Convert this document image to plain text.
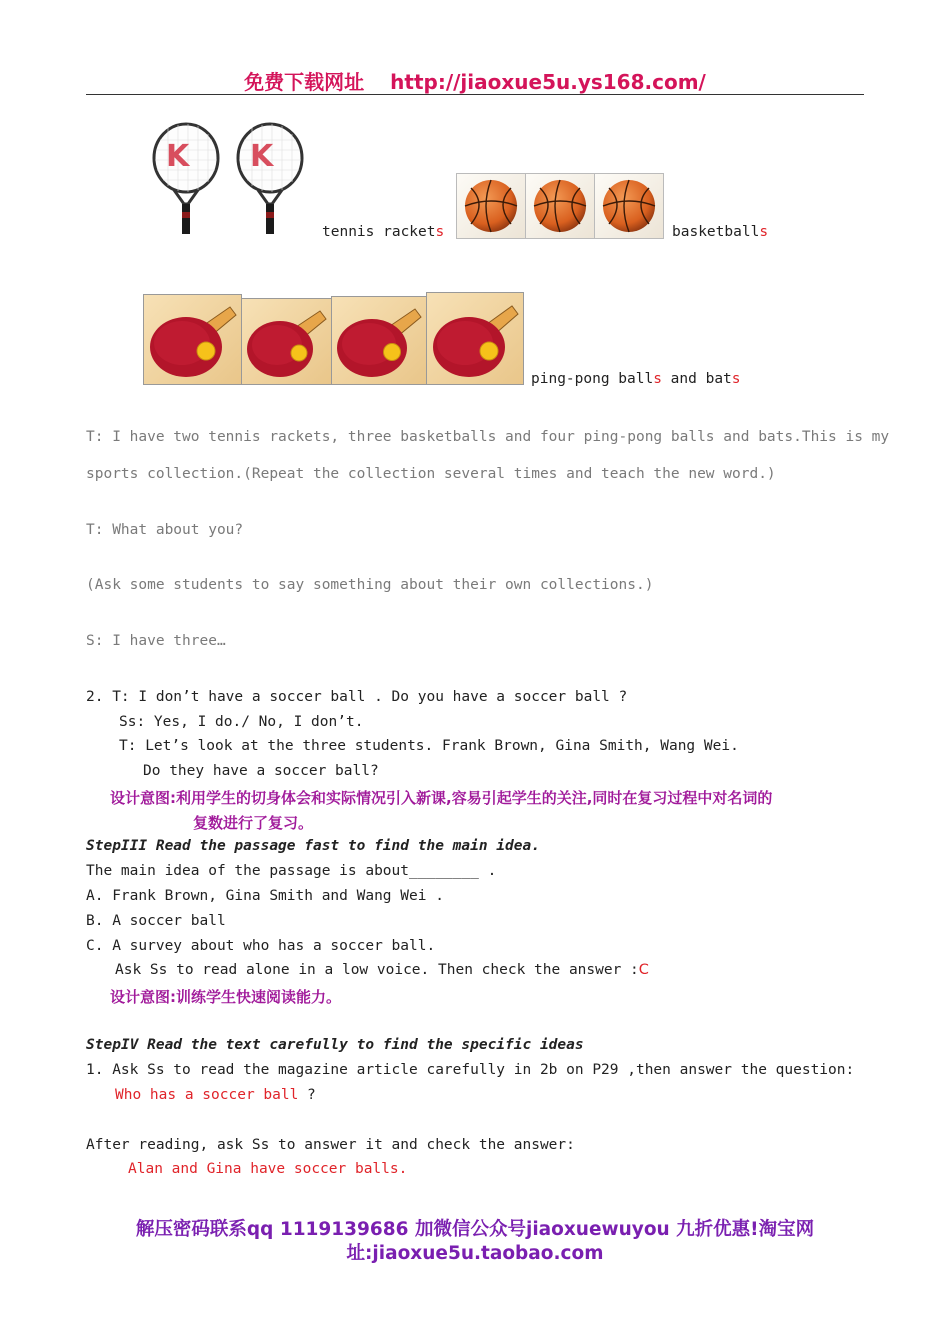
免费下载网址 http://jiaoxue5u.ys168.com/
K K
tennis rackets	basketballs
ping-pong balls and bats
T: I have two tennis rackets, three basketballs and four ping-pong balls and bats.This is my
sports collection.(Repeat the collection several times and teach the new word.)
T: What about you?
(Ask some students to say something about their own collections.)
S: I have three…
2. T: I don’t have a soccer ball . Do you have a soccer ball ?
Ss: Yes, I do./ No, I don’t.
T: Let’s look at the three students. Frank Brown, Gina Smith, Wang Wei.
Do they have a soccer ball?
设计意图:利用学生的切身体会和实际情况引入新课,容易引起学生的关注,同时在复习过程中对名词的
复数进行了复习。
StepIII Read the passage fast to find the main idea.
The main idea of the passage is about________ .
A. Frank Brown, Gina Smith and Wang Wei .
B. A soccer ball
C. A survey about who has a soccer ball.
Ask Ss to read alone in a low voice. Then check the answer :C
设计意图:训练学生快速阅读能力。
StepIV Read the text carefully to find the specific ideas
1. Ask Ss to read the magazine article carefully in 2b on P29 ,then answer the question:
Who has a soccer ball ?
After reading, ask Ss to answer it and check the answer:
Alan and Gina have soccer balls.
解压密码联系qq 1119139686 加微信公众号jiaoxuewuyou 九折优惠!淘宝网
址:jiaoxue5u.taobao.com
